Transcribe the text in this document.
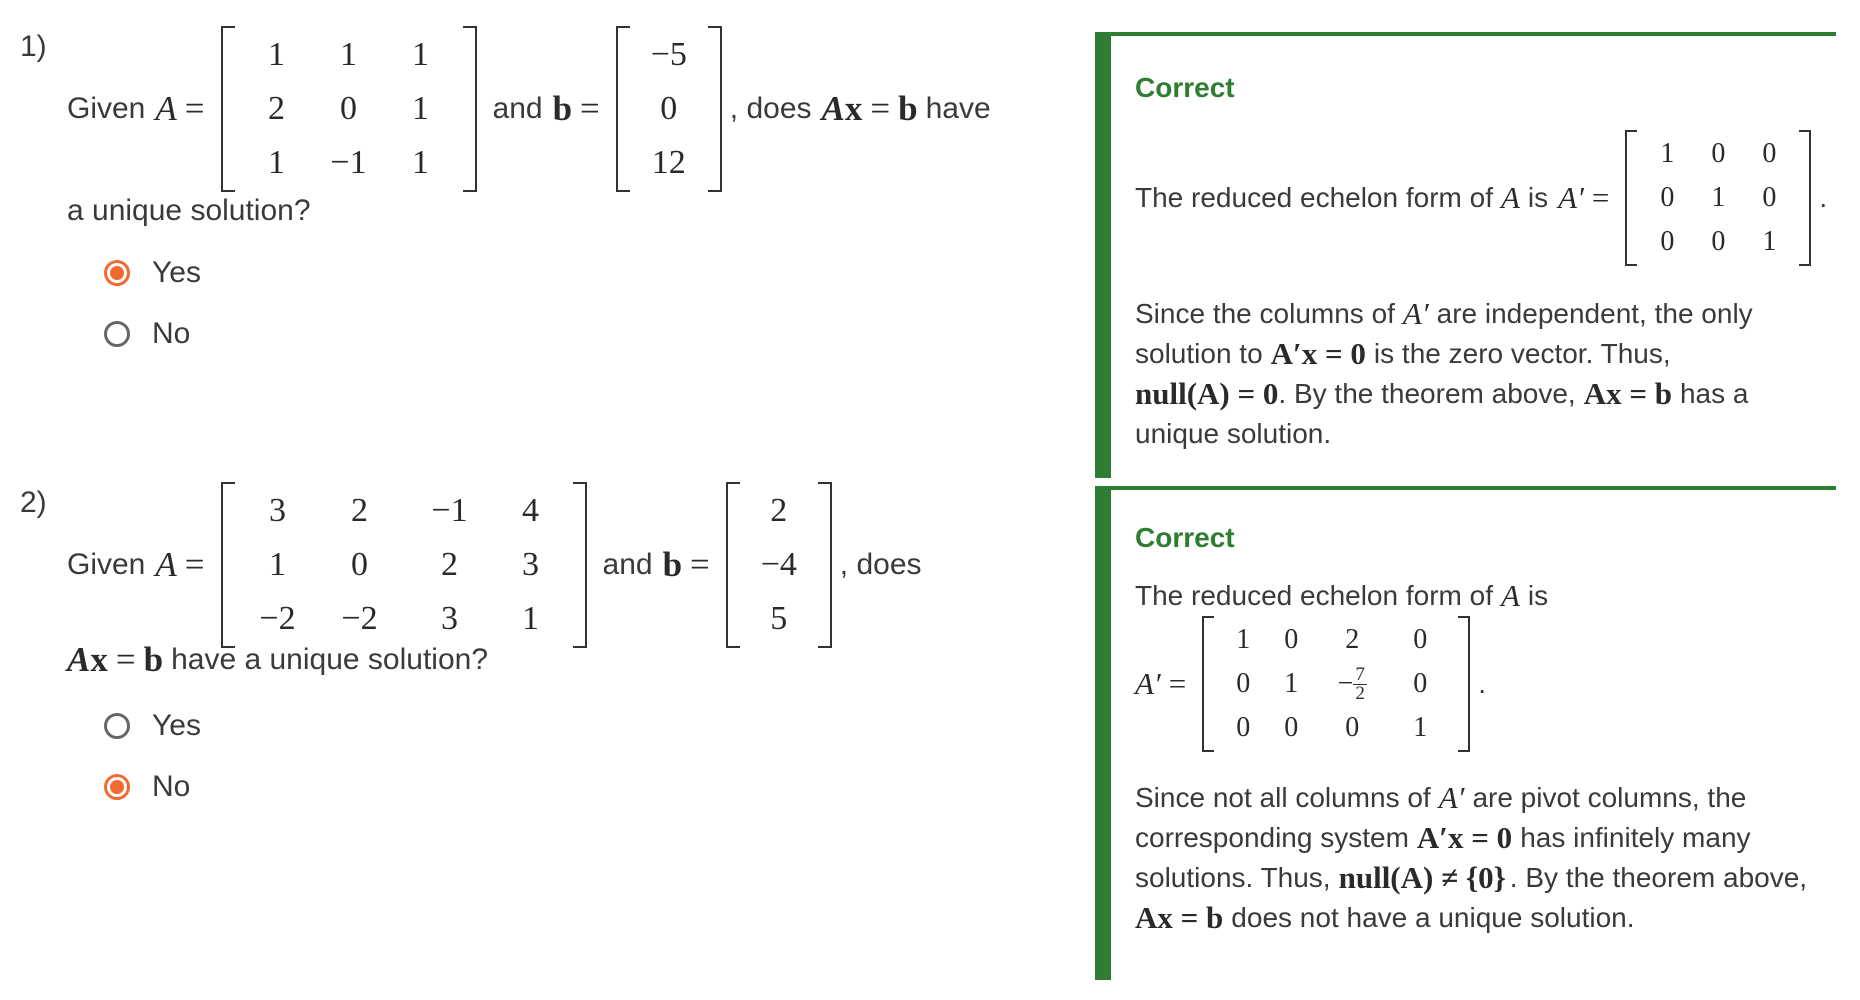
1)
Given A =
1	1	1
2	0	1
1	−1	1
and b =
−5
0
12
, does A x = b have
a unique solution?
Yes
No
2)
Given A =
3	2	−1	4
1	0	2	3
−2	−2	3	1
and b =
2
−4
5
, does
A x = b have a unique solution?
Yes
No
Correct
The reduced echelon form of A is A′ =
1	0	0
0	1	0
0	0	1
.
Since the columns of A′ are independent, the only
solution to A′x = 0 is the zero vector. Thus,
null(A) = 0 . By the theorem above, Ax = b has a
unique solution.
Correct
The reduced echelon form of A is
A′ =
1	0	2	0
0	1	− $\frac{7}{2}$	0
0	0	0	1
.
Since not all columns of A′ are pivot columns, the
corresponding system A′x = 0 has infinitely many
solutions. Thus, null(A) ≠ {0} . By the theorem above,
Ax = b does not have a unique solution.
